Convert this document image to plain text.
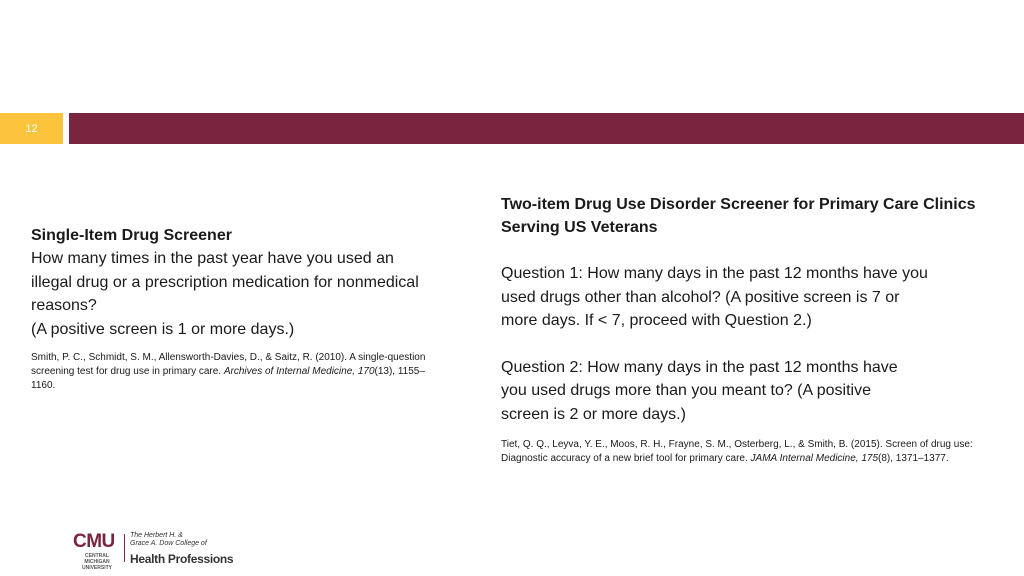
12
Single-Item Drug Screener
How many times in the past year have you used an
illegal drug or a prescription medication for nonmedical
reasons?
(A positive screen is 1 or more days.)
Smith, P. C., Schmidt, S. M., Allensworth-Davies, D., & Saitz, R. (2010). A single-question
screening test for drug use in primary care. Archives of Internal Medicine, 170(13), 1155–
1160.
Two-item Drug Use Disorder Screener for Primary Care Clinics
Serving US Veterans
Question 1: How many days in the past 12 months have you
used drugs other than alcohol? (A positive screen is 7 or
more days. If < 7, proceed with Question 2.)
Question 2: How many days in the past 12 months have
you used drugs more than you meant to? (A positive
screen is 2 or more days.)
Tiet, Q. Q., Leyva, Y. E., Moos, R. H., Frayne, S. M., Osterberg, L., & Smith, B. (2015). Screen of drug use:
Diagnostic accuracy of a new brief tool for primary care. JAMA Internal Medicine, 175(8), 1371–1377.
CMU
CENTRAL MICHIGAN
UNIVERSITY
The Herbert H. &
Grace A. Dow College of
Health Professions
